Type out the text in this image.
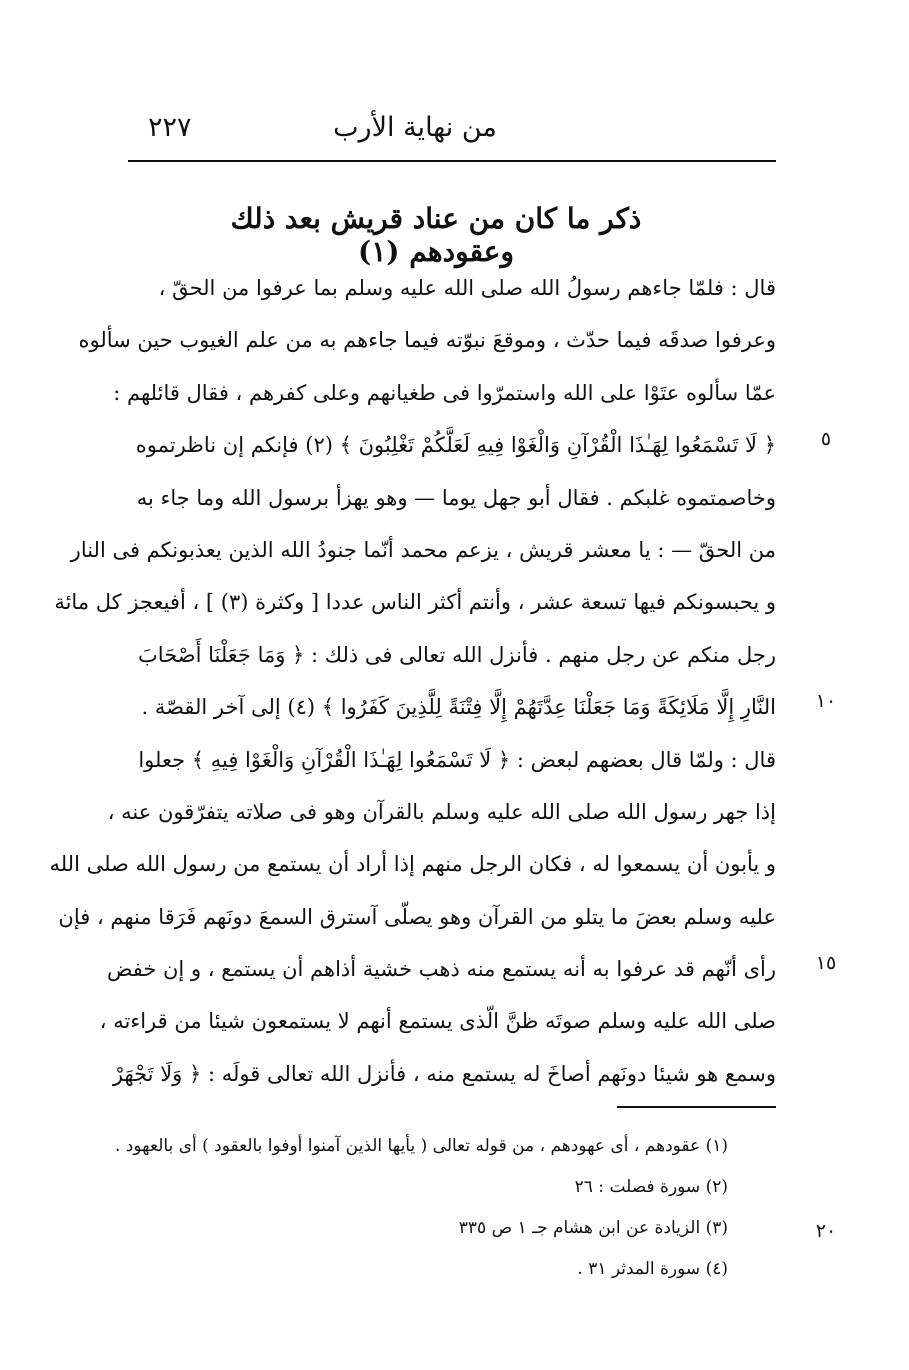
٢٢٧	من نهاية الأرب
ذكر ما كان من عناد قريش بعد ذلك وعقودهم (١)
قال : فلمّا جاءهم رسولُ الله صلى الله عليه وسلم بما عرفوا من الحقّ ،
وعرفوا صدقَه فيما حدّث ، وموقعَ نبوّته فيما جاءهم به من علم الغيوب حين سألوه
عمّا سألوه عتَوْا على الله واستمرّوا فى طغيانهم وعلى كفرهم ، فقال قائلهم :
﴿ لَا تَسْمَعُوا لِهَـٰذَا الْقُرْآنِ وَالْغَوْا فِيهِ لَعَلَّكُمْ تَغْلِبُونَ ﴾ (٢) فإنكم إن ناظرتموه
وخاصمتموه غلبكم . فقال أبو جهل يوما — وهو يهزأ برسول الله وما جاء به
من الحقّ — : يا معشر قريش ، يزعم محمد أنّما جنودُ الله الذين يعذبونكم فى النار
و يحبسونكم فيها تسعة عشر ، وأنتم أكثر الناس عددا [ وكثرة (٣) ] ، أفيعجز كل مائة
رجل منكم عن رجل منهم . فأنزل الله تعالى فى ذلك : ﴿ وَمَا جَعَلْنَا أَصْحَابَ
النَّارِ إِلَّا مَلَائِكَةً وَمَا جَعَلْنَا عِدَّتَهُمْ إِلَّا فِتْنَةً لِلَّذِينَ كَفَرُوا ﴾ (٤) إلى آخر القصّة .
قال : ولمّا قال بعضهم لبعض : ﴿ لَا تَسْمَعُوا لِهَـٰذَا الْقُرْآنِ وَالْغَوْا فِيهِ ﴾ جعلوا
إذا جهر رسول الله صلى الله عليه وسلم بالقرآن وهو فى صلاته يتفرّقون عنه ،
و يأبون أن يسمعوا له ، فكان الرجل منهم إذا أراد أن يستمع من رسول الله صلى الله
عليه وسلم بعضَ ما يتلو من القرآن وهو يصلّى آسترق السمعَ دونَهم فَرَقا منهم ، فإن
رأى أنّهم قد عرفوا به أنه يستمع منه ذهب خشية أذاهم أن يستمع ، و إن خفض
صلى الله عليه وسلم صوتَه ظنَّ الّذى يستمع أنهم لا يستمعون شيئا من قراءته ،
وسمع هو شيئا دونَهم أصاخَ له يستمع منه ، فأنزل الله تعالى قولَه : ﴿ وَلَا تَجْهَرْ
٥
١٠
١٥
٢٠
(١) عقودهم ، أى عهودهم ، من قوله تعالى ( يأيها الذين آمنوا أوفوا بالعقود ) أى بالعهود .
(٢) سورة فصلت : ٢٦
(٣) الزيادة عن ابن هشام جـ ١ ص ٣٣٥
(٤) سورة المدثر ٣١ .
